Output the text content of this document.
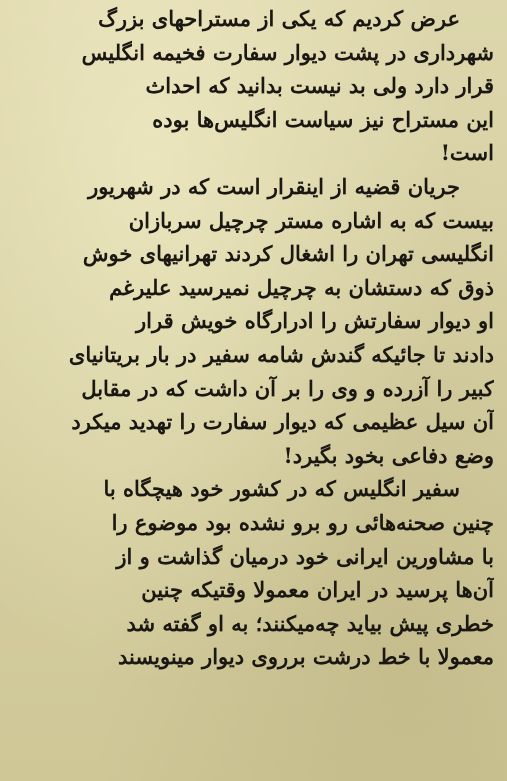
عرض کردیم که یکی از مستراحهای بزرگ
شهرداری در پشت دیوار سفارت فخیمه انگلیس
قرار دارد ولی بد نیست بدانید که احداث
این مستراح نیز سیاست انگلیس‌ها بوده
است!
جریان قضیه از اینقرار است که در شهریور
بیست که به اشاره مستر چرچیل سربازان
انگلیسی تهران را اشغال کردند تهرانیهای خوش
ذوق که دستشان به چرچیل نمیرسید علیرغم
او دیوار سفارتش را ادرارگاه خویش قرار
دادند تا جائیکه گندش شامه سفیر در بار بریتانیای
کبیر را آزرده و وی را بر آن داشت که در مقابل
آن سیل عظیمی که دیوار سفارت را تهدید میکرد
وضع دفاعی بخود بگیرد!
سفیر انگلیس که در کشور خود هیچگاه با
چنین صحنه‌هائی رو برو نشده بود موضوع را
با مشاورین ایرانی خود درمیان گذاشت و از
آن‌ها پرسید در ایران معمولا وقتیکه چنین
خطری پیش بیاید چه‌میکنند؛ به او گفته شد
معمولا با خط درشت برروی دیوار مینویسند
